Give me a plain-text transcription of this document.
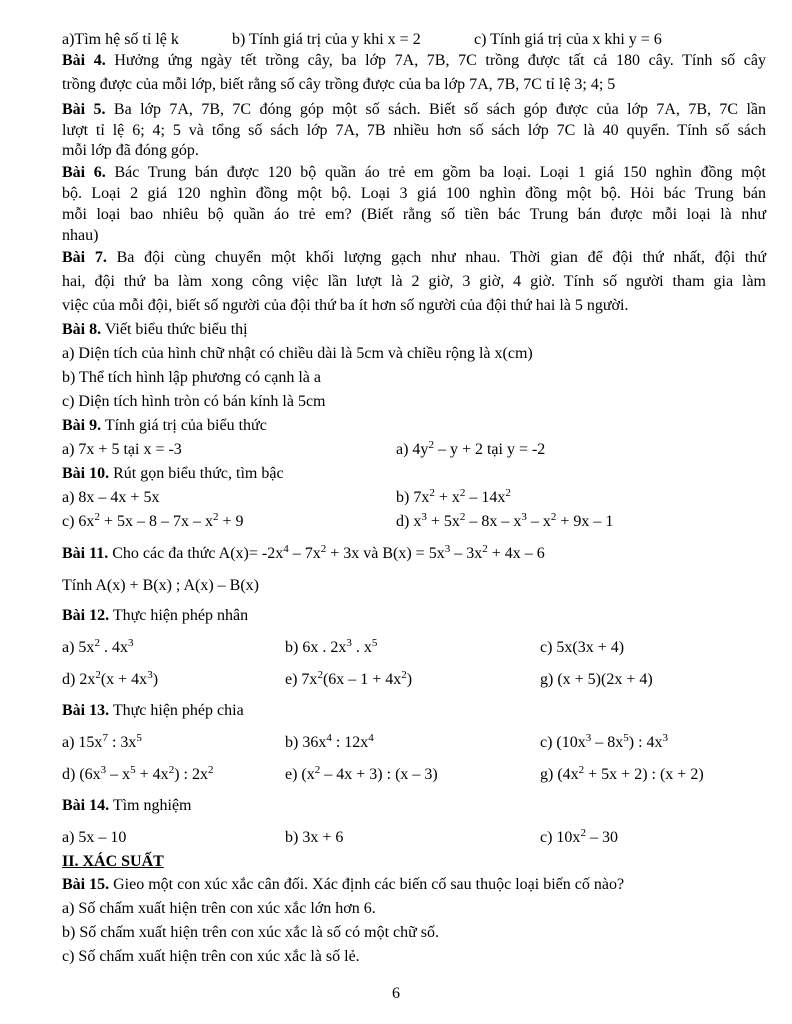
a)Tìm hệ số tỉ lệ k	b) Tính giá trị của y khi x = 2	c) Tính giá trị của x khi y = 6
Bài 4. Hưởng ứng ngày tết trồng cây, ba lớp 7A, 7B, 7C trồng được tất cả 180 cây. Tính số cây
trồng được của mỗi lớp, biết rằng số cây trồng được của ba lớp 7A, 7B, 7C tỉ lệ 3; 4; 5
Bài 5. Ba lớp 7A, 7B, 7C đóng góp một số sách. Biết số sách góp được của lớp 7A, 7B, 7C lần
lượt tỉ lệ 6; 4; 5 và tổng số sách lớp 7A, 7B nhiều hơn số sách lớp 7C là 40 quyển. Tính số sách
mỗi lớp đã đóng góp.
Bài 6. Bác Trung bán được 120 bộ quần áo trẻ em gồm ba loại. Loại 1 giá 150 nghìn đồng một
bộ. Loại 2 giá 120 nghìn đồng một bộ. Loại 3 giá 100 nghìn đồng một bộ. Hỏi bác Trung bán
mỗi loại bao nhiêu bộ quần áo trẻ em? (Biết rằng số tiền bác Trung bán được mỗi loại là như
nhau)
Bài 7. Ba đội cùng chuyển một khối lượng gạch như nhau. Thời gian để đội thứ nhất, đội thứ
hai, đội thứ ba làm xong công việc lần lượt là 2 giờ, 3 giờ, 4 giờ. Tính số người tham gia làm
việc của mỗi đội, biết số người của đội thứ ba ít hơn số người của đội thứ hai là 5 người.
Bài 8. Viết biểu thức biểu thị
a) Diện tích của hình chữ nhật có chiều dài là 5cm và chiều rộng là x(cm)
b) Thể tích hình lập phương có cạnh là a
c) Diện tích hình tròn có bán kính là 5cm
Bài 9. Tính giá trị của biểu thức
a) 7x + 5 tại x = -3	a) $4y^2 - y + 2$ tại y = -2
Bài 10. Rút gọn biểu thức, tìm bậc
a) 8x – 4x + 5x	b) $7x^2 + x^2 - 14x^2$
c) $6x^2 + 5x - 8 - 7x - x^2 + 9$	d) $x^3 + 5x^2 - 8x - x^3 - x^2 + 9x - 1$
Bài 11. Cho các đa thức $A(x)= -2x^4 - 7x^2 + 3x$ và $B(x) = 5x^3 - 3x^2 + 4x - 6$
Tính A(x) + B(x) ; A(x) – B(x)
Bài 12. Thực hiện phép nhân
a) $5x^2$ . $4x^3$	b) 6x . $2x^3$ . $x^5$	c) 5x(3x + 4)
d) $2x^2(x + 4x^3)$	e) $7x^2(6x - 1 + 4x^2)$	g) (x + 5)(2x + 4)
Bài 13. Thực hiện phép chia
a) $15x^7$ : $3x^5$	b) $36x^4$ : $12x^4$	c) $(10x^3 - 8x^5)$ : $4x^3$
d) $(6x^3 - x^5 + 4x^2)$ : $2x^2$	e) $(x^2 - 4x + 3)$ : (x – 3)	g) $(4x^2 + 5x + 2)$ : (x + 2)
Bài 14. Tìm nghiệm
a) 5x – 10	b) 3x + 6	c) $10x^2 - 30$
II. XÁC SUẤT
Bài 15. Gieo một con xúc xắc cân đối. Xác định các biến cố sau thuộc loại biến cố nào?
a) Số chấm xuất hiện trên con xúc xắc lớn hơn 6.
b) Số chấm xuất hiện trên con xúc xắc là số có một chữ số.
c) Số chấm xuất hiện trên con xúc xắc là số lẻ.
6
